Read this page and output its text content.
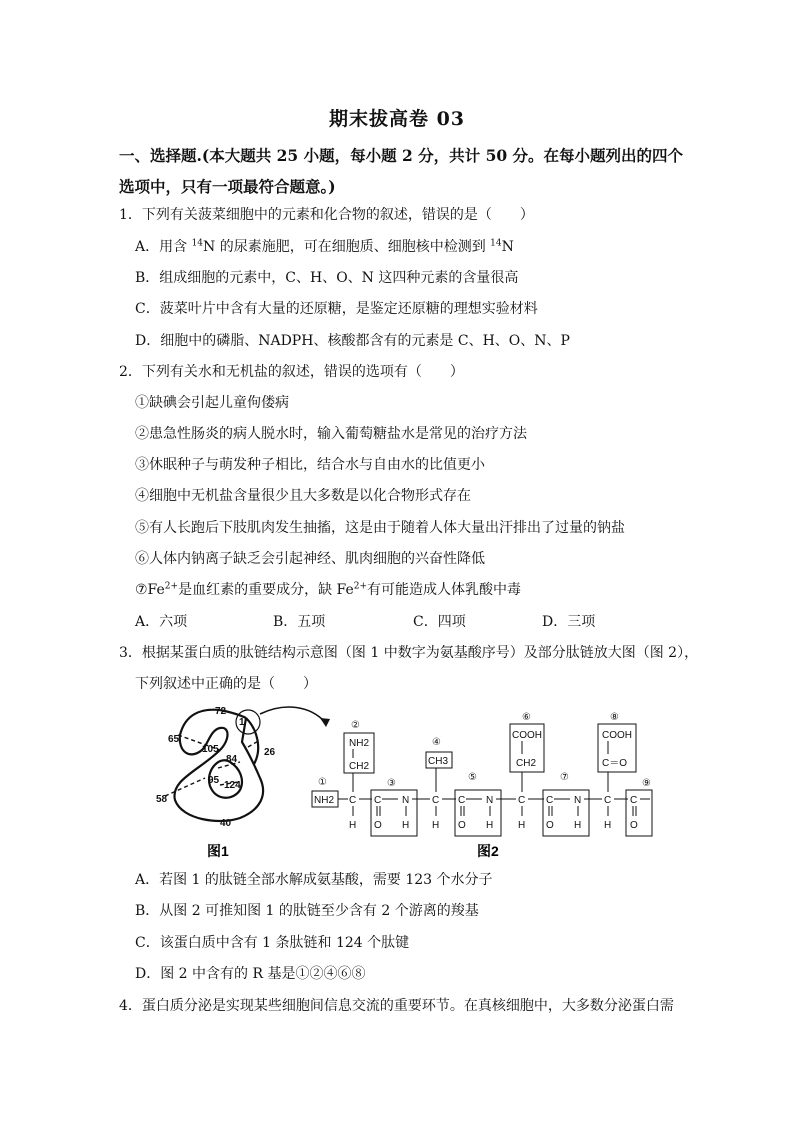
期末拔高卷 03
一、选择题.(本大题共 25 小题，每小题 2 分，共计 50 分。在每小题列出的四个
选项中，只有一项最符合题意。)
1．下列有关菠菜细胞中的元素和化合物的叙述，错误的是（　　）
A．用含 $^{14}$N 的尿素施肥，可在细胞质、细胞核中检测到 $^{14}$N
B．组成细胞的元素中，C、H、O、N 这四种元素的含量很高
C．菠菜叶片中含有大量的还原糖，是鉴定还原糖的理想实验材料
D．细胞中的磷脂、NADPH、核酸都含有的元素是 C、H、O、N、P
2．下列有关水和无机盐的叙述，错误的选项有（　　）
①缺碘会引起儿童佝偻病
②患急性肠炎的病人脱水时，输入葡萄糖盐水是常见的治疗方法
③休眠种子与萌发种子相比，结合水与自由水的比值更小
④细胞中无机盐含量很少且大多数是以化合物形式存在
⑤有人长跑后下肢肌肉发生抽搐，这是由于随着人体大量出汗排出了过量的钠盐
⑥人体内钠离子缺乏会引起神经、肌肉细胞的兴奋性降低
$⑦Fe^{2+}$是血红素的重要成分，缺 $Fe^{2+}$有可能造成人体乳酸中毒
A．六项	B．五项	C．四项	D．三项
3．根据某蛋白质的肽链结构示意图（图 1 中数字为氨基酸序号）及部分肽链放大图（图 2），
下列叙述中正确的是（　　）
72
65
1
26
105
84
95 124
58
40
①
②
③
④
⑤
⑥
⑦
⑧
⑨
NH2 C
H
NH2
CH2
C N
O H
C
H
CH3
C N
O H
C
H
COOH
CH2
C N
O H
C
H
COOH
C＝O
C
O
图1	图2
A．若图 1 的肽链全部水解成氨基酸，需要 123 个水分子
B．从图 2 可推知图 1 的肽链至少含有 2 个游离的羧基
C．该蛋白质中含有 1 条肽链和 124 个肽键
D．图 2 中含有的 R 基是①②④⑥⑧
4．蛋白质分泌是实现某些细胞间信息交流的重要环节。在真核细胞中，大多数分泌蛋白需
